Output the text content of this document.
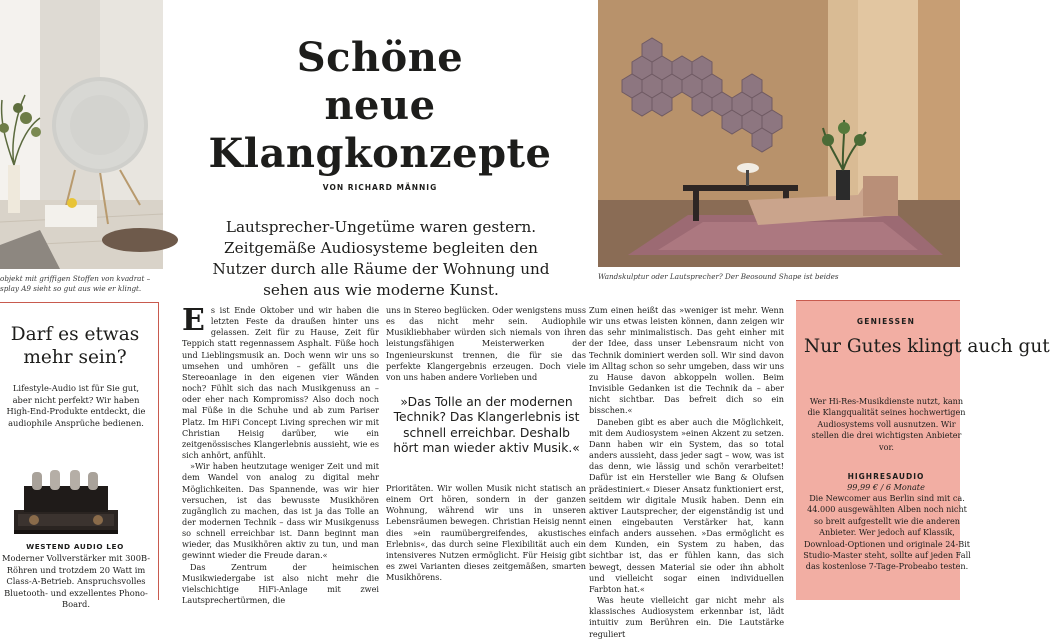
objekt mit griffigen Stoffen von kvadrat – splay A9 sieht so gut aus wie er klingt.
Schöne
neue
Klangkonzepte
VON RICHARD MÄNNIG
Lautsprecher-Ungetüme waren gestern. Zeitgemäße Audiosysteme begleiten den Nutzer durch alle Räume der Wohnung und sehen aus wie moderne Kunst.
Wandskulptur oder Lautsprecher? Der Beosound Shape ist beides
Darf es etwas mehr sein?
Lifestyle-Audio ist für Sie gut, aber nicht perfekt? Wir haben High-End-Produkte entdeckt, die audiophile Ansprüche bedienen.
WESTEND AUDIO LEO
Moderner Vollverstärker mit 300B-Röhren und trotzdem 20 Watt im Class-A-Betrieb. Anspruchsvolles Bluetooth- und exzellentes Phono-Board.

Es ist Ende Oktober und wir haben die letzten Feste da draußen hinter uns gelassen. Zeit für zu Hause, Zeit für Teppich statt regennassem Asphalt. Füße hoch und Lieblingsmusik an. Doch wenn wir uns so umsehen und umhören – gefällt uns die Stereoanlage in den eigenen vier Wänden noch? Fühlt sich das nach Musikgenuss an – oder eher nach Kompromiss? Also doch noch mal Füße in die Schuhe und ab zum Pariser Platz. Im HiFi Concept Living sprechen wir mit Christian Heisig darüber, wie ein zeitgenössisches Klangerlebnis aussieht, wie es sich anhört, anfühlt.

»Wir haben heutzutage weniger Zeit und mit dem Wandel von analog zu digital mehr Möglichkeiten. Das Spannende, was wir hier versuchen, ist das bewusste Musikhören zugänglich zu machen, das ist ja das Tolle an der modernen Technik – dass wir Musikgenuss so schnell erreichbar ist. Dann beginnt man wieder, das Musikhören aktiv zu tun, und man gewinnt wieder die Freude daran.«

Das Zentrum der heimischen Musikwiedergabe ist also nicht mehr die vielschichtige HiFi-Anlage mit zwei Lautsprechertürmen, die

uns in Stereo beglücken. Oder wenigstens muss es das nicht mehr sein. Audiophile Musikliebhaber würden sich niemals von ihren leistungsfähigen Meisterwerken der Ingenieurskunst trennen, die für sie das perfekte Klangergebnis erzeugen. Doch viele von uns haben andere Vorlieben und

»Das Tolle an der modernen Technik? Das Klangerlebnis ist schnell erreichbar. Deshalb hört man wieder aktiv Musik.«

Prioritäten. Wir wollen Musik nicht statisch an einem Ort hören, sondern in der ganzen Wohnung, während wir uns in unseren Lebensräumen bewegen. Christian Heisig nennt dies »ein raumübergreifendes, akustisches Erlebnis«, das durch seine Flexibilität auch ein intensiveres Nutzen ermöglicht. Für Heisig gibt es zwei Varianten dieses zeitgemäßen, smarten Musikhörens.

Zum einen heißt das »weniger ist mehr. Wenn wir uns etwas leisten können, dann zeigen wir das sehr minimalistisch. Das geht einher mit der Idee, dass unser Lebensraum nicht von Technik dominiert werden soll. Wir sind davon im Alltag schon so sehr umgeben, dass wir uns zu Hause davon abkoppeln wollen. Beim Invisible Gedanken ist die Technik da – aber nicht sichtbar. Das befreit dich so ein bisschen.«

Daneben gibt es aber auch die Möglichkeit, mit dem Audiosystem »einen Akzent zu setzen. Dann haben wir ein System, das so total anders aussieht, dass jeder sagt – wow, was ist das denn, wie lässig und schön verarbeitet! Dafür ist ein Hersteller wie Bang & Olufsen prädestiniert.« Dieser Ansatz funktioniert erst, seitdem wir digitale Musik haben. Denn ein aktiver Lautsprecher, der eigenständig ist und einen eingebauten Verstärker hat, kann einfach anders aussehen. »Das ermöglicht es dem Kunden, ein System zu haben, das sichtbar ist, das er fühlen kann, das sich bewegt, dessen Material sie oder ihn abholt und vielleicht sogar einen individuellen Farbton hat.«

Was heute vielleicht gar nicht mehr als klassisches Audiosystem erkennbar ist, lädt intuitiv zum Berühren ein. Die Lautstärke reguliert

GENIESSEN
Nur Gutes klingt auch gut
Wer Hi-Res-Musikdienste nutzt, kann die Klangqualität seines hochwertigen Audiosystems voll ausnutzen. Wir stellen die drei wichtigsten Anbieter vor.
HIGHRESAUDIO
99,99 € / 6 Monate
Die Newcomer aus Berlin sind mit ca. 44.000 ausgewählten Alben noch nicht so breit aufgestellt wie die anderen Anbieter. Wer jedoch auf Klassik, Download-Optionen und originale 24-Bit Studio-Master steht, sollte auf jeden Fall das kostenlose 7-Tage-Probeabo testen.
